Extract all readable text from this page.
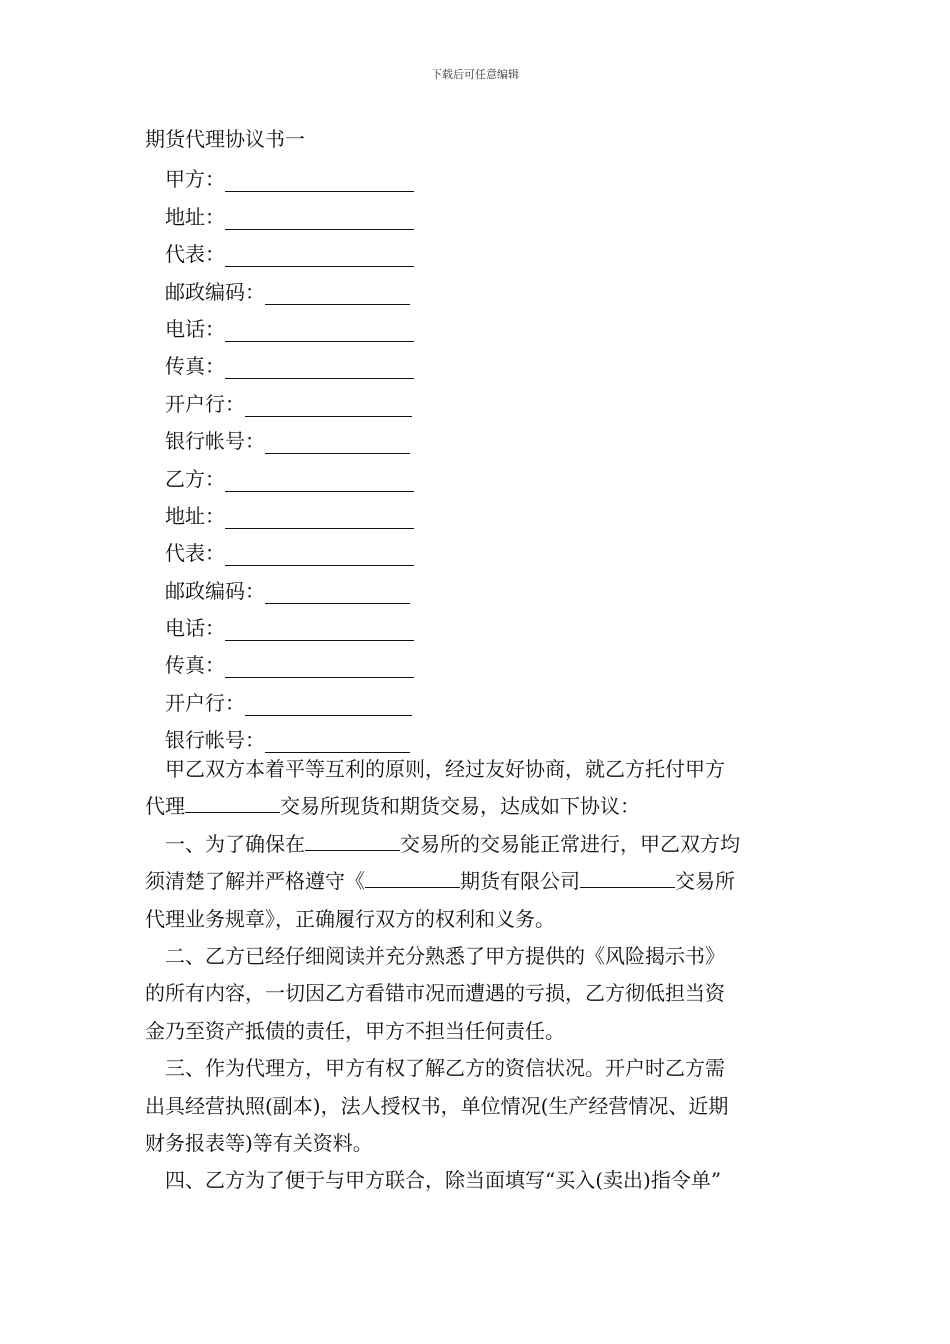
下载后可任意编辑
期货代理协议书一
甲方：
地址：
代表：
邮政编码：
电话：
传真：
开户行：
银行帐号：
乙方：
地址：
代表：
邮政编码：
电话：
传真：
开户行：
银行帐号：
甲乙双方本着平等互利的原则，经过友好协商，就乙方托付甲方
代理	交易所现货和期货交易，达成如下协议：
一、为了确保在	交易所的交易能正常进行，甲乙双方均
须清楚了解并严格遵守《	期货有限公司	交易所
代理业务规章》，正确履行双方的权利和义务。
二、乙方已经仔细阅读并充分熟悉了甲方提供的《风险揭示书》
的所有内容，一切因乙方看错市况而遭遇的亏损，乙方彻低担当资
金乃至资产抵债的责任，甲方不担当任何责任。
三、作为代理方，甲方有权了解乙方的资信状况。开户时乙方需
出具经营执照(副本)，法人授权书，单位情况(生产经营情况、近期
财务报表等)等有关资料。
四、乙方为了便于与甲方联合，除当面填写“买入(卖出)指令单”
